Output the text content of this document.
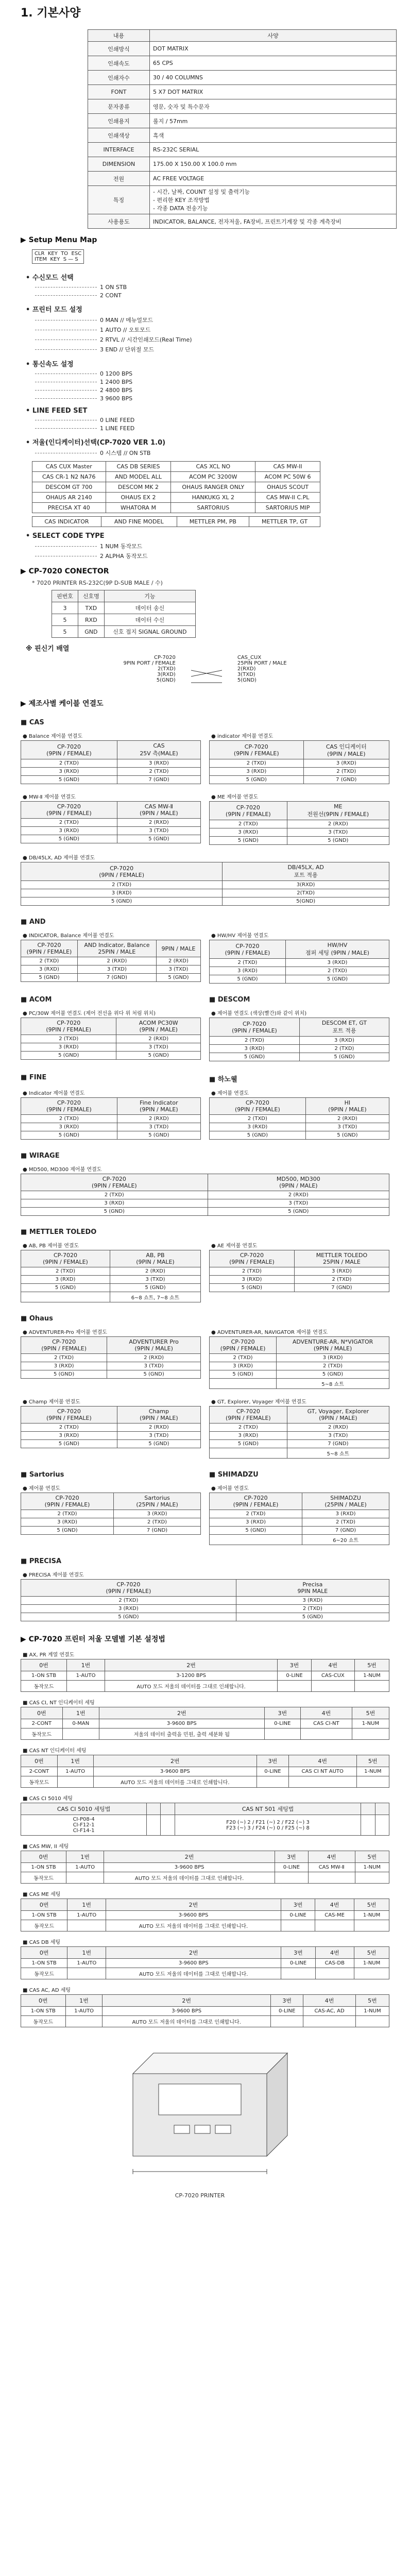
1. 기본사양
내용	사양
인쇄방식	DOT MATRIX
인쇄속도	65 CPS
인쇄자수	30 / 40 COLUMNS
FONT	5 X7 DOT MATRIX
문자종류	영문, 숫자 및 특수문자
인쇄용지	롤지 / 57mm
인쇄색상	흑색
INTERFACE	RS-232C SERIAL
DIMENSION	175.00 X 150.00 X 100.0 mm
전원	AC FREE VOLTAGE
특징	- 시간, 날짜, COUNT 설정 및 출력기능
- 편리한 KEY 조작방법
- 각종 DATA 전송기능
사용용도	INDICATOR, BALANCE, 전자저울, FA장비, 프린트기계장 및 각종 계측장비
▶ Setup Menu Map
CLR  KEY  TO  ESC
ITEM  KEY  S — S
• 수신모드 선택
1 ON STB
2 CONT
• 프린터 모드 설정
0 MAN // 메뉴얼모드
1 AUTO // 오토모드
2 RTVL // 시간인쇄모드(Real Time)
3 END // 단위절 모드
• 통신속도 설정
0 1200 BPS
1 2400 BPS
2 4800 BPS
3 9600 BPS
• LINE FEED SET
0 LINE FEED
1 LINE FEED
• 저울(인디케이터)선택(CP-7020 VER 1.0)
0 시스템 // ON STB
CAS CUX Master	CAS DB SERIES	CAS XCL NO	CAS MW-II
CAS CR-1 N2 NA76	AND MODEL ALL	ACOM PC 3200W	ACOM PC 50W 6
DESCOM GT 700	DESCOM MK 2	OHAUS RANGER ONLY	OHAUS SCOUT
OHAUS AR 2140	OHAUS EX 2	HANKUKG XL 2	CAS MW-II C.PL
PRECISA XT 40	WHATORA M	SARTORIUS	SARTORIUS MIP
CAS INDICATOR	AND FINE MODEL	METTLER PM, PB	METTLER TP, GT
• SELECT CODE TYPE
1 NUM 동작모드
2 ALPHA 동작모드
▶ CP-7020 CONECTOR
* 7020 PRINTER RS-232C(9P D-SUB MALE / 수)
핀번호	신호명	기능
3	TXD	데이터 송신
5	RXD	데이터 수신
5	GND	신호 접지 SIGNAL GROUND
※ 핀신기 배열
CP-7020
9PIN PORT / FEMALE
2(TXD)
3(RXD)
5(GND)
CAS_CUX
25PIN PORT / MALE
2(RXD)
3(TXD)
5(GND)
▶ 제조사별 케이블 연결도
■ CAS
● Balance 제어불 연결도
CP-7020
(9PIN / FEMALE)	CAS
25V 측(MALE)
2 (TXD)	3 (RXD)
3 (RXD)	2 (TXD)
5 (GND)	7 (GND)
● indicator 제어불 연결도
CP-7020
(9PIN / FEMALE)	CAS 인디케이터
(9PIN / MALE)
2 (TXD)	3 (RXD)
3 (RXD)	2 (TXD)
5 (GND)	7 (GND)
● MW-Ⅱ 제어불 연결도
CP-7020
(9PIN / FEMALE)	CAS MW-Ⅱ
(9PIN / MALE)
2 (TXD)	2 (RXD)
3 (RXD)	3 (TXD)
5 (GND)	5 (GND)
● ME 제어불 연결도
CP-7020
(9PIN / FEMALE)	ME
전원선(9PIN / FEMALE)
2 (TXD)	2 (RXD)
3 (RXD)	3 (TXD)
5 (GND)	5 (GND)
● DB/45LX, AD 제어불 연결도
CP-7020
(9PIN / FEMALE)	DB/45LX, AD
포트 적용
2 (TXD)	3(RXD)
3 (RXD)	2(TXD)
5 (GND)	5(GND)
■ AND
● INDICATOR, Balance 제어불 연결도
CP-7020
(9PIN / FEMALE)	AND Indicator, Balance
25PIN / MALE	9PIN / MALE
2 (TXD)	2 (RXD)	2 (RXD)
3 (RXD)	3 (TXD)	3 (TXD)
5 (GND)	7 (GND)	5 (GND)
● HW/HV 제어불 연결도
CP-7020
(9PIN / FEMALE)	HW/HV
점퍼 세팅 (9PIN / MALE)
2 (TXD)	3 (RXD)
3 (RXD)	2 (TXD)
5 (GND)	5 (GND)
■ ACOM	■ DESCOM
● PC/30W 제어불 연결도 (제어 전선을 위다 위 처럼 위치)
CP-7020
(9PIN / FEMALE)	ACOM PC30W
(9PIN / MALE)
2 (TXD)	2 (RXD)
3 (RXD)	3 (TXD)
5 (GND)	5 (GND)
● 제어불 연결도 (색상(빨간)와 같이 위치)
CP-7020
(9PIN / FEMALE)	DESCOM ET, GT
포트 적용
2 (TXD)	3 (RXD)
3 (RXD)	2 (TXD)
5 (GND)	5 (GND)
■ FINE	■ 하노웰
● Indicator 제어불 연결도
CP-7020
(9PIN / FEMALE)	Fine Indicator
(9PIN / MALE)
2 (TXD)	2 (RXD)
3 (RXD)	3 (TXD)
5 (GND)	5 (GND)
● 제어불 연결도
CP-7020
(9PIN / FEMALE)	HI
(9PIN / MALE)
2 (TXD)	2 (RXD)
3 (RXD)	3 (TXD)
5 (GND)	5 (GND)
■ WIRAGE
● MD500, MD300 제어불 연결도
CP-7020
(9PIN / FEMALE)	MD500, MD300
(9PIN / MALE)
2 (TXD)	2 (RXD)
3 (RXD)	3 (TXD)
5 (GND)	5 (GND)
■ METTLER TOLEDO
● AB, PB 제어불 연결도
CP-7020
(9PIN / FEMALE)	AB, PB
(9PIN / MALE)
2 (TXD)	2 (RXD)
3 (RXD)	3 (TXD)
5 (GND)	5 (GND)
	6~8 쇼트, 7~8 쇼트
● AE 제어불 연결도
CP-7020
(9PIN / FEMALE)	METTLER TOLEDO
25PIN / MALE
2 (TXD)	3 (RXD)
3 (RXD)	2 (TXD)
5 (GND)	7 (GND)
■ Ohaus
● ADVENTURER-Pro 제어불 연결도
CP-7020
(9PIN / FEMALE)	ADVENTURER Pro
(9PIN / MALE)
2 (TXD)	2 (RXD)
3 (RXD)	3 (TXD)
5 (GND)	5 (GND)
● ADVENTURER-AR, NAVIGATOR 제어불 연결도
CP-7020
(9PIN / FEMALE)	ADVENTURE-AR, N*VIGATOR
(9PIN / MALE)
2 (TXD)	3 (RXD)
3 (RXD)	2 (TXD)
5 (GND)	5 (GND)
	5~8 쇼트
● Champ 제어불 연결도
CP-7020
(9PIN / FEMALE)	Champ
(9PIN / MALE)
2 (TXD)	2 (RXD)
3 (RXD)	3 (TXD)
5 (GND)	5 (GND)
● GT, Explorer, Voyager 제어불 연결도
CP-7020
(9PIN / FEMALE)	GT, Voyager, Explorer
(9PIN / MALE)
2 (TXD)	2 (RXD)
3 (RXD)	3 (TXD)
5 (GND)	7 (GND)
	5~8 쇼트
■ Sartorius	■ SHIMADZU
● 제어불 연결도
CP-7020
(9PIN / FEMALE)	Sartorius
(25PIN / MALE)
2 (TXD)	3 (RXD)
3 (RXD)	2 (TXD)
5 (GND)	7 (GND)
● 제어불 연결도
CP-7020
(9PIN / FEMALE)	SHIMADZU
(25PIN / MALE)
2 (TXD)	3 (RXD)
3 (RXD)	2 (TXD)
5 (GND)	7 (GND)
	6~20 쇼트
■ PRECISA
● PRECISA 제어불 연결도
CP-7020
(9PIN / FEMALE)	Precisa
9PIN MALE
2 (TXD)	3 (RXD)
3 (RXD)	2 (TXD)
5 (GND)	5 (GND)
▶ CP-7020 프린터 저울 모델별 기본 설정법
■ AX, PR 계열 연결도
0번	1번	2번	3번	4번	5번
1-ON STB	1-AUTO	3-1200 BPS	0-LINE	CAS-CUX	1-NUM
동작모드		AUTO 모드 저울의 데이터를 그대로 인쇄합니다.			
■ CAS CI, NT 인디케이터 세팅
0번	1번	2번	3번	4번	5번
2-CONT	0-MAN	3-9600 BPS	0-LINE	CAS CI-NT	1-NUM
동작모드		저울의 데이터 출력을 민원, 출력 세분화 됨			
■ CAS NT 인디케이터 세팅
0번	1번	2번	3번	4번	5번
2-CONT	1-AUTO	3-9600 BPS	0-LINE	CAS CI NT AUTO	1-NUM
동작모드		AUTO 모드 저울의 데이터를 그대로 인쇄합니다.			
■ CAS CI 5010 세팅
CAS CI 5010 세팅법			CAS NT 501 세팅법		
CI-P08-4
CI-F12-1
CI-F14-1			F20 (~) 2 / F21 (~) 2 / F22 (~) 3
F23 (~) 3 / F24 (~) 0 / F25 (~) 8		
■ CAS MW, II 세팅
0번	1번	2번	3번	4번	5번
1-ON STB	1-AUTO	3-9600 BPS	0-LINE	CAS MW-Ⅱ	1-NUM
동작모드		AUTO 모드 저울의 데이터를 그대로 인쇄합니다.			
■ CAS ME 세팅
0번	1번	2번	3번	4번	5번
1-ON STB	1-AUTO	3-9600 BPS	0-LINE	CAS-ME	1-NUM
동작모드		AUTO 모드 저울의 데이터를 그대로 인쇄합니다.			
■ CAS DB 세팅
0번	1번	2번	3번	4번	5번
1-ON STB	1-AUTO	3-9600 BPS	0-LINE	CAS-DB	1-NUM
동작모드		AUTO 모드 저울의 데이터를 그대로 인쇄합니다.			
■ CAS AC, AD 세팅
0번	1번	2번	3번	4번	5번
1-ON STB	1-AUTO	3-9600 BPS	0-LINE	CAS-AC, AD	1-NUM
동작모드		AUTO 모드 저울의 데이터를 그대로 인쇄합니다.			
CP-7020 PRINTER
